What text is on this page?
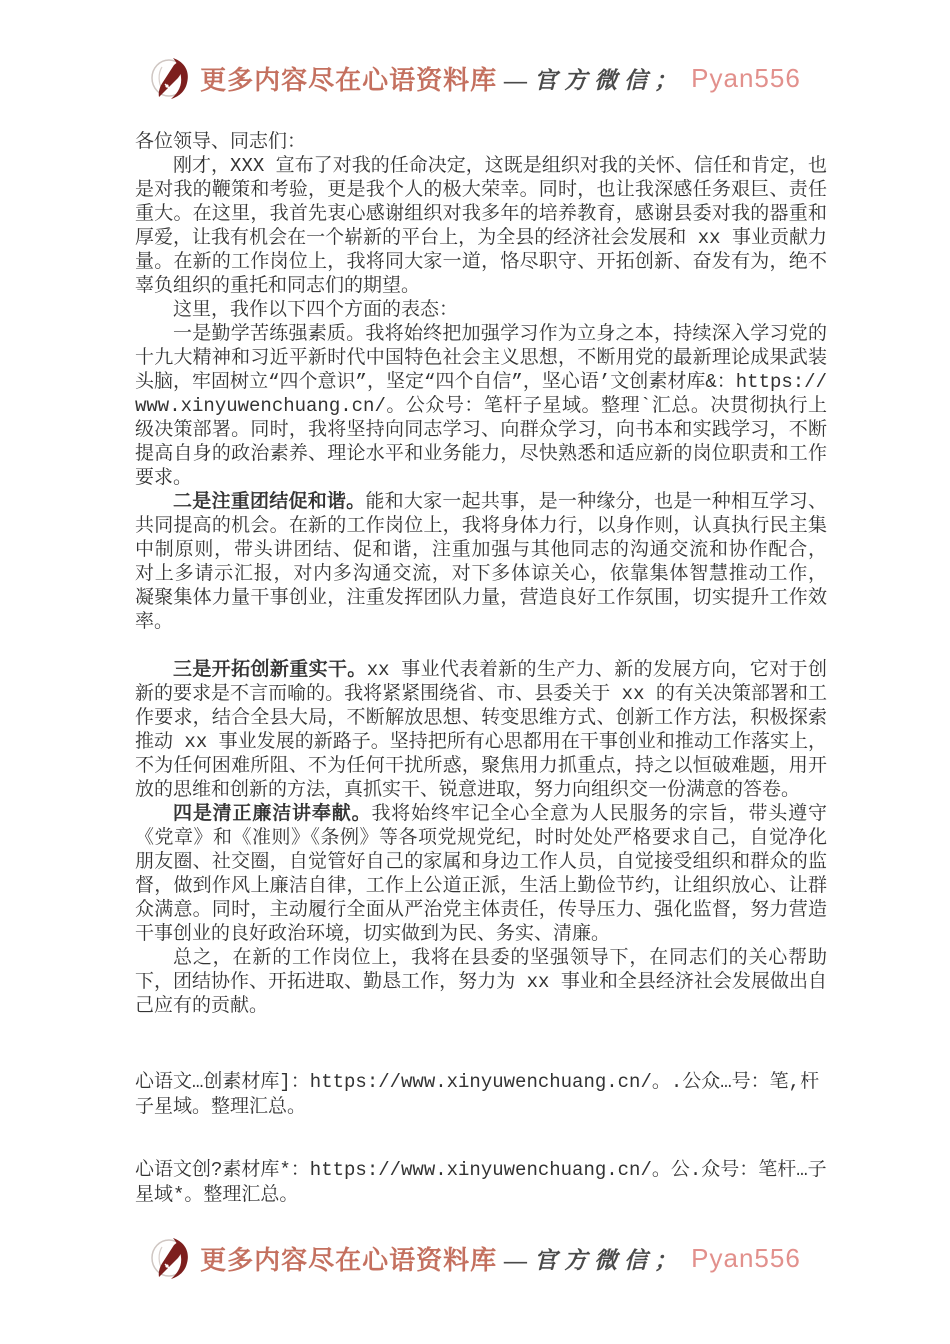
更多内容尽在心语资料库 —官方微信； Pyan556

各位领导、同志们：

刚才，XXX 宣布了对我的任命决定，这既是组织对我的关怀、信任和肯定，也是对我的鞭策和考验，更是我个人的极大荣幸。同时，也让我深感任务艰巨、责任重大。在这里，我首先衷心感谢组织对我多年的培养教育，感谢县委对我的器重和厚爱，让我有机会在一个崭新的平台上，为全县的经济社会发展和 xx 事业贡献力量。在新的工作岗位上，我将同大家一道，恪尽职守、开拓创新、奋发有为，绝不辜负组织的重托和同志们的期望。

这里，我作以下四个方面的表态：

一是勤学苦练强素质。我将始终把加强学习作为立身之本，持续深入学习党的十九大精神和习近平新时代中国特色社会主义思想，不断用党的最新理论成果武装头脑，牢固树立“四个意识”，坚定“四个自信”，坚心语’文创素材库&：https://www.xinyuwenchuang.cn/。公众号：笔杆子星域。整理`汇总。决贯彻执行上级决策部署。同时，我将坚持向同志学习、向群众学习，向书本和实践学习，不断提高自身的政治素养、理论水平和业务能力，尽快熟悉和适应新的岗位职责和工作要求。

二是注重团结促和谐。能和大家一起共事，是一种缘分，也是一种相互学习、共同提高的机会。在新的工作岗位上，我将身体力行，以身作则，认真执行民主集中制原则，带头讲团结、促和谐，注重加强与其他同志的沟通交流和协作配合， 对上多请示汇报，对内多沟通交流，对下多体谅关心，依靠集体智慧推动工作， 凝聚集体力量干事创业，注重发挥团队力量，营造良好工作氛围，切实提升工作效率。

三是开拓创新重实干。xx 事业代表着新的生产力、新的发展方向，它对于创新的要求是不言而喻的。我将紧紧围绕省、市、县委关于 xx 的有关决策部署和工作要求，结合全县大局，不断解放思想、转变思维方式、创新工作方法，积极探索推动 xx 事业发展的新路子。坚持把所有心思都用在干事创业和推动工作落实上，不为任何困难所阻、不为任何干扰所惑，聚焦用力抓重点，持之以恒破难题，用开放的思维和创新的方法，真抓实干、锐意进取，努力向组织交一份满意的答卷。

四是清正廉洁讲奉献。我将始终牢记全心全意为人民服务的宗旨，带头遵守《党章》和《准则》《条例》等各项党规党纪，时时处处严格要求自己，自觉净化朋友圈、社交圈，自觉管好自己的家属和身边工作人员，自觉接受组织和群众的监督，做到作风上廉洁自律，工作上公道正派，生活上勤俭节约，让组织放心、让群众满意。同时，主动履行全面从严治党主体责任，传导压力、强化监督，努力营造干事创业的良好政治环境，切实做到为民、务实、清廉。

总之，在新的工作岗位上，我将在县委的坚强领导下，在同志们的关心帮助下，团结协作、开拓进取、勤恳工作，努力为 xx 事业和全县经济社会发展做出自己应有的贡献。

心语文…创素材库]：https://www.xinyuwenchuang.cn/。.公众…号：笔,杆子星域。整理汇总。
心语文创?素材库*：https://www.xinyuwenchuang.cn/。公.众号：笔杆…子星域*。整理汇总。
更多内容尽在心语资料库 —官方微信； Pyan556
